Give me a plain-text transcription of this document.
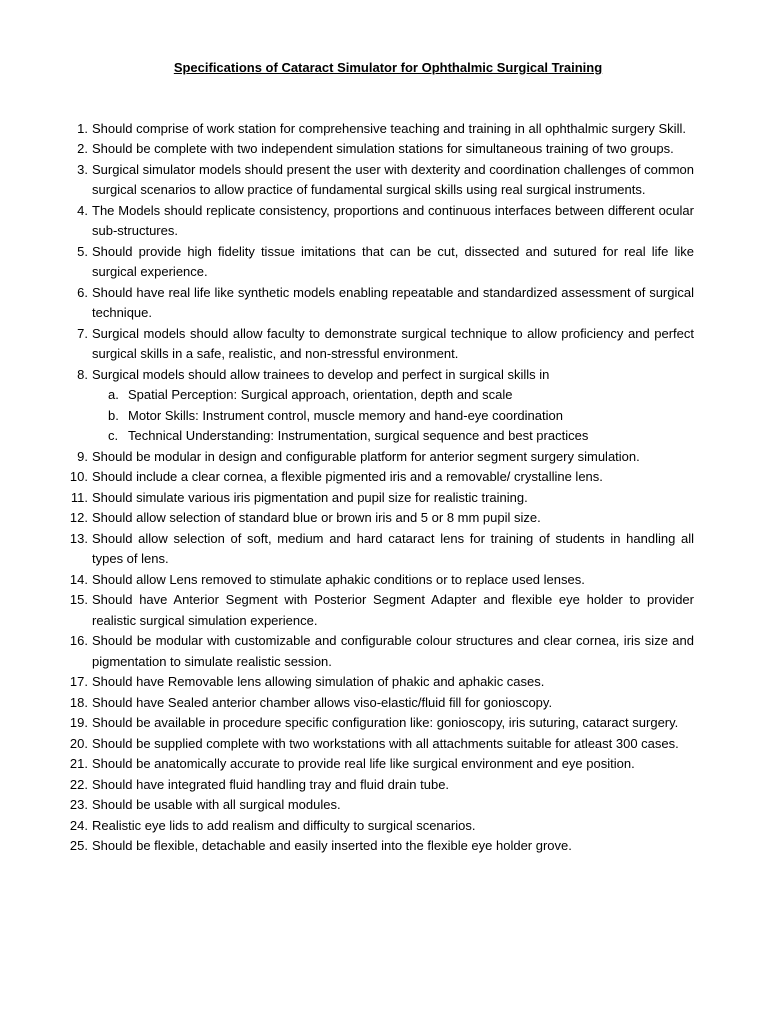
Specifications of Cataract Simulator for Ophthalmic Surgical Training
1. Should comprise of work station for comprehensive teaching and training in all ophthalmic surgery Skill.
2. Should be complete with two independent simulation stations for simultaneous training of two groups.
3. Surgical simulator models should present the user with dexterity and coordination challenges of common surgical scenarios to allow practice of fundamental surgical skills using real surgical instruments.
4. The Models should replicate consistency, proportions and continuous interfaces between different ocular sub-structures.
5. Should provide high fidelity tissue imitations that can be cut, dissected and sutured for real life like surgical experience.
6. Should have real life like synthetic models enabling repeatable and standardized assessment of surgical technique.
7. Surgical models should allow faculty to demonstrate surgical technique to allow proficiency and perfect surgical skills in a safe, realistic, and non-stressful environment.
8. Surgical models should allow trainees to develop and perfect in surgical skills in
a. Spatial Perception: Surgical approach, orientation, depth and scale
b. Motor Skills: Instrument control, muscle memory and hand-eye coordination
c. Technical Understanding: Instrumentation, surgical sequence and best practices
9. Should be modular in design and configurable platform for anterior segment surgery simulation.
10. Should include a clear cornea, a flexible pigmented iris and a removable/ crystalline lens.
11. Should simulate various iris pigmentation and pupil size for realistic training.
12. Should allow selection of standard blue or brown iris and 5 or 8 mm pupil size.
13. Should allow selection of soft, medium and hard cataract lens for training of students in handling all types of lens.
14. Should allow Lens removed to stimulate aphakic conditions or to replace used lenses.
15. Should have Anterior Segment with Posterior Segment Adapter and flexible eye holder to provider realistic surgical simulation experience.
16. Should be modular with customizable and configurable colour structures and clear cornea, iris size and pigmentation to simulate realistic session.
17. Should have Removable lens allowing simulation of phakic and aphakic cases.
18. Should have Sealed anterior chamber allows viso-elastic/fluid fill for gonioscopy.
19. Should be available in procedure specific configuration like: gonioscopy, iris suturing, cataract surgery.
20. Should be supplied complete with two workstations with all attachments suitable for atleast 300 cases.
21. Should be anatomically accurate to provide real life like surgical environment and eye position.
22. Should have integrated fluid handling tray and fluid drain tube.
23. Should be usable with all surgical modules.
24. Realistic eye lids to add realism and difficulty to surgical scenarios.
25. Should be flexible, detachable and easily inserted into the flexible eye holder grove.
